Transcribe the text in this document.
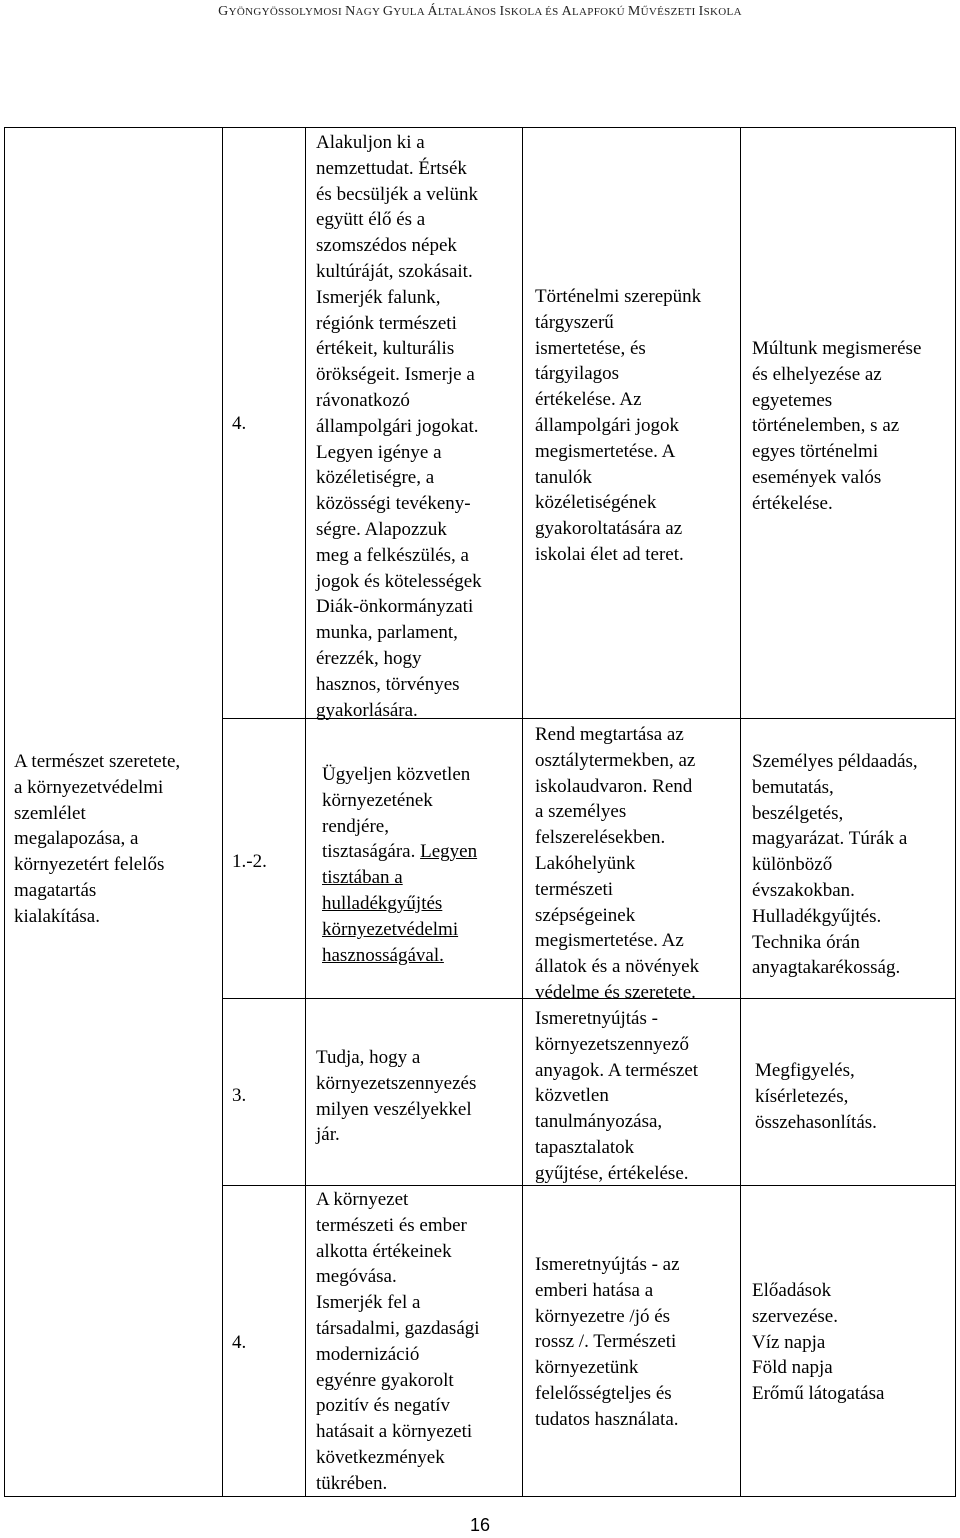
GYÖNGYÖSSOLYMOSI NAGY GYULA ÁLTALÁNOS ISKOLA ÉS ALAPFOKÚ MŰVÉSZETI ISKOLA
4.
Alakuljon ki a
nemzettudat. Értsék
és becsüljék a velünk
együtt élő és a
szomszédos népek
kultúráját, szokásait.
Ismerjék falunk,
régiónk természeti
értékeit, kulturális
örökségeit. Ismerje a
rávonatkozó
állampolgári jogokat.
Legyen igénye a
közéletiségre, a
közösségi tevékeny-
ségre. Alapozzuk
meg a felkészülés, a
jogok és kötelességek
Diák-önkormányzati
munka, parlament,
érezzék, hogy
hasznos, törvényes
gyakorlására.
Történelmi szerepünk
tárgyszerű
ismertetése, és
tárgyilagos
értékelése. Az
állampolgári jogok
megismertetése. A
tanulók
közéletiségének
gyakoroltatására az
iskolai élet ad teret.
Múltunk megismerése
és elhelyezése az
egyetemes
történelemben, s az
egyes történelmi
események valós
értékelése.
A természet szeretete,
a környezetvédelmi
szemlélet
megalapozása, a
környezetért felelős
magatartás
kialakítása.
1.-2.
Ügyeljen közvetlen
környezetének
rendjére,
tisztaságára. Legyen
tisztában a
hulladékgyűjtés
környezetvédelmi
hasznosságával.
Rend megtartása az
osztálytermekben, az
iskolaudvaron. Rend
a személyes
felszerelésekben.
Lakóhelyünk
természeti
szépségeinek
megismertetése. Az
állatok és a növények
védelme és szeretete.
Személyes példaadás,
bemutatás,
beszélgetés,
magyarázat. Túrák a
különböző
évszakokban.
Hulladékgyűjtés.
Technika órán
anyagtakarékosság.
3.
Tudja, hogy a
környezetszennyezés
milyen veszélyekkel
jár.
Ismeretnyújtás -
környezetszennyező
anyagok. A természet
közvetlen
tanulmányozása,
tapasztalatok
gyűjtése, értékelése.
Megfigyelés,
kísérletezés,
összehasonlítás.
4.
A környezet
természeti és ember
alkotta értékeinek
megóvása.
Ismerjék fel a
társadalmi, gazdasági
modernizáció
egyénre gyakorolt
pozitív és negatív
hatásait a környezeti
következmények
tükrében.
Ismeretnyújtás - az
emberi hatása a
környezetre /jó és
rossz /. Természeti
környezetünk
felelősségteljes és
tudatos használata.
Előadások
szervezése.
Víz napja
Föld napja
Erőmű látogatása
16
